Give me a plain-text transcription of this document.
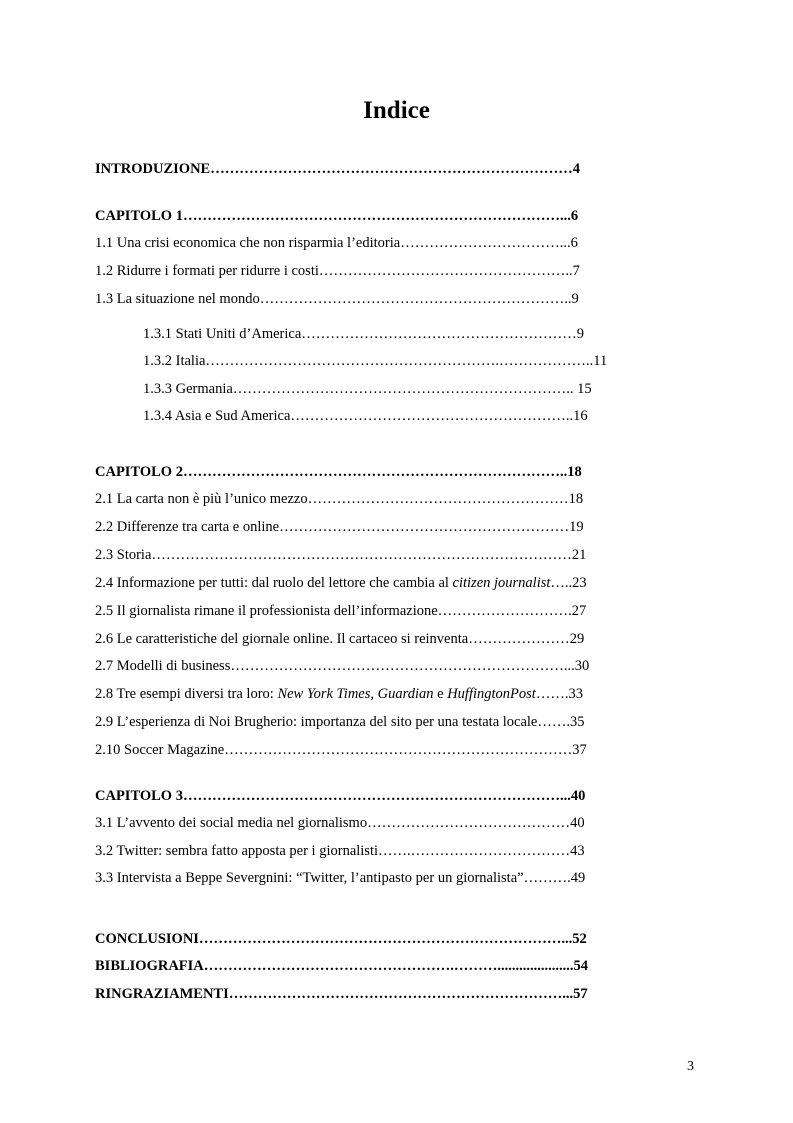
Indice
INTRODUZIONE…………………………………………………………………4
CAPITOLO 1……………………………………………………………………...6
1.1 Una crisi economica che non risparmia l’editoria……………………………...6
1.2 Ridurre i formati per ridurre i costi……………………………………………..7
1.3 La situazione nel mondo………………………………………………………..9
1.3.1 Stati Uniti d’America…………………………………………………9
1.3.2 Italia…………………………………………………….………………..11
1.3.3 Germania…………………………………………………………….. 15
1.3.4 Asia e Sud America…………………………………………………..16
CAPITOLO 2……………………………………………………………………..18
2.1 La carta non è più l’unico mezzo………………………………………………18
2.2 Differenze tra carta e online……………………………………………………19
2.3 Storia……………………………………………………………………………21
2.4 Informazione per tutti: dal ruolo del lettore che cambia al citizen journalist…..23
2.5 Il giornalista rimane il professionista dell’informazione……………………….27
2.6 Le caratteristiche del giornale online. Il cartaceo si reinventa…………………29
2.7 Modelli di business……………………………………………………………...30
2.8 Tre esempi diversi tra loro: New York Times, Guardian e HuffingtonPost…….33
2.9 L’esperienza di Noi Brugherio: importanza del sito per una testata locale…….35
2.10 Soccer Magazine………………………………………………………………37
CAPITOLO 3……………………………………………………………………...40
3.1 L’avvento dei social media nel giornalismo……………………………………40
3.2 Twitter: sembra fatto apposta per i giornalisti…….……………………………43
3.3 Intervista a Beppe Severgnini: “Twitter, l’antipasto per un giornalista”……….49
CONCLUSIONI…………………………………………………………………...52
BIBLIOGRAFIA…………………………………………….……….....................54
RINGRAZIAMENTI……………………………………………………………...57
3
